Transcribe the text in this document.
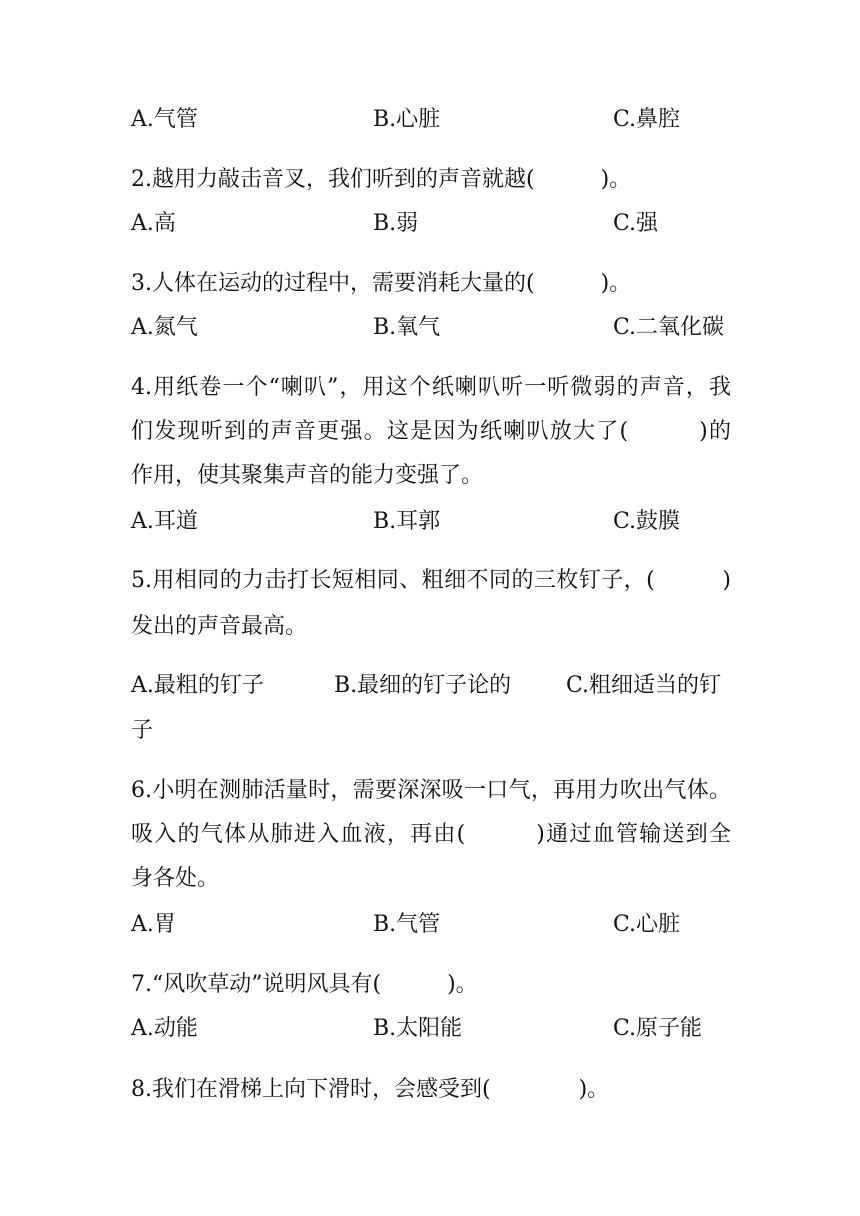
A.气管	B.心脏	C.鼻腔
2.越用力敲击音叉，我们听到的声音就越(　　　)。
A.高	B.弱	C.强
3.人体在运动的过程中，需要消耗大量的(　　　)。
A.氮气	B.氧气	C.二氧化碳
4.用纸卷一个“喇叭”，用这个纸喇叭听一听微弱的声音，我
们发现听到的声音更强。这是因为纸喇叭放大了(　　　)的
作用，使其聚集声音的能力变强了。
A.耳道	B.耳郭	C.鼓膜
5.用相同的力击打长短相同、粗细不同的三枚钉子，(　　　)
发出的声音最高。
A.最粗的钉子	B.最细的钉子论的 C.粗细适当的钉
子
6.小明在测肺活量时，需要深深吸一口气，再用力吹出气体。
吸入的气体从肺进入血液，再由(　　　)通过血管输送到全
身各处。
A.胃	B.气管	C.心脏
7.“风吹草动”说明风具有(　　　)。
A.动能	B.太阳能	C.原子能
8.我们在滑梯上向下滑时，会感受到(　　　　)。
